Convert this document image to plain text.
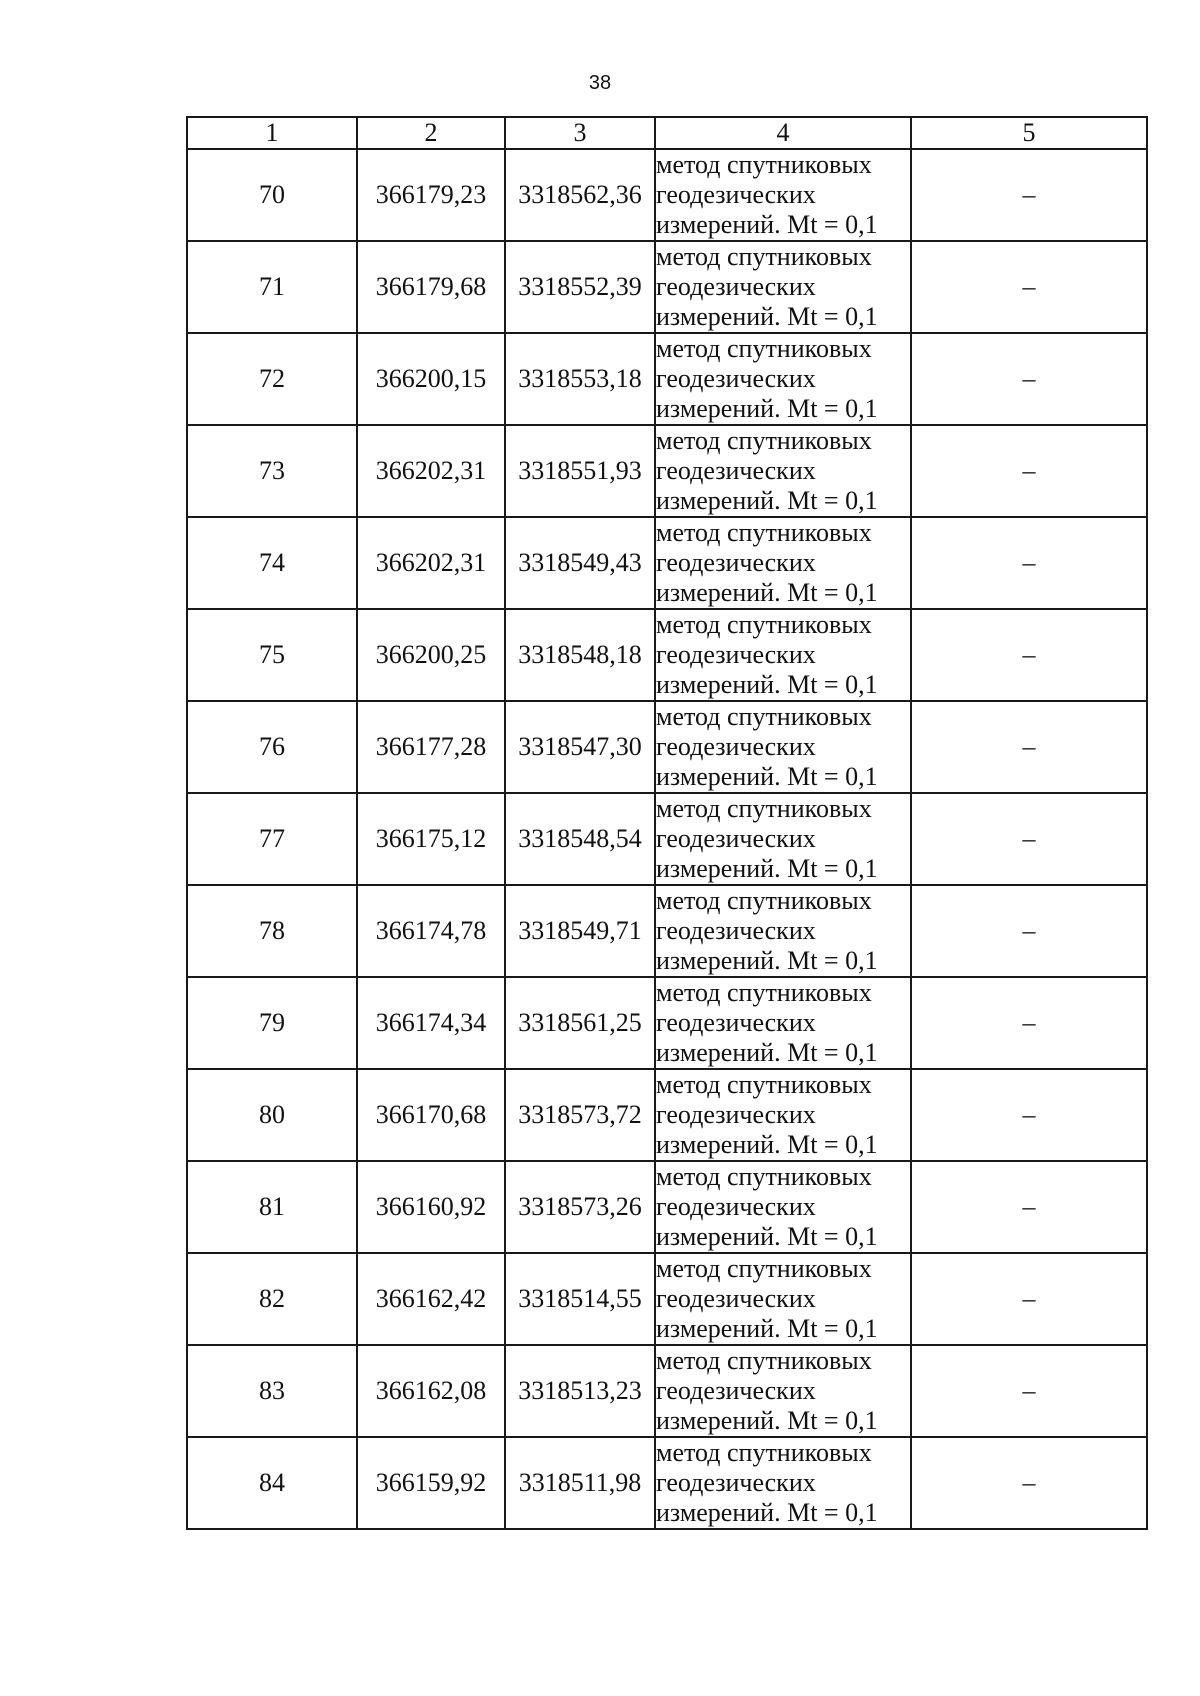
38
1	2	3	4	5
70	366179,23	3318562,36	метод спутниковых
геодезических
измерений. Mt = 0,1	–
71	366179,68	3318552,39	метод спутниковых
геодезических
измерений. Mt = 0,1	–
72	366200,15	3318553,18	метод спутниковых
геодезических
измерений. Mt = 0,1	–
73	366202,31	3318551,93	метод спутниковых
геодезических
измерений. Mt = 0,1	–
74	366202,31	3318549,43	метод спутниковых
геодезических
измерений. Mt = 0,1	–
75	366200,25	3318548,18	метод спутниковых
геодезических
измерений. Mt = 0,1	–
76	366177,28	3318547,30	метод спутниковых
геодезических
измерений. Mt = 0,1	–
77	366175,12	3318548,54	метод спутниковых
геодезических
измерений. Mt = 0,1	–
78	366174,78	3318549,71	метод спутниковых
геодезических
измерений. Mt = 0,1	–
79	366174,34	3318561,25	метод спутниковых
геодезических
измерений. Mt = 0,1	–
80	366170,68	3318573,72	метод спутниковых
геодезических
измерений. Mt = 0,1	–
81	366160,92	3318573,26	метод спутниковых
геодезических
измерений. Mt = 0,1	–
82	366162,42	3318514,55	метод спутниковых
геодезических
измерений. Mt = 0,1	–
83	366162,08	3318513,23	метод спутниковых
геодезических
измерений. Mt = 0,1	–
84	366159,92	3318511,98	метод спутниковых
геодезических
измерений. Mt = 0,1	–
